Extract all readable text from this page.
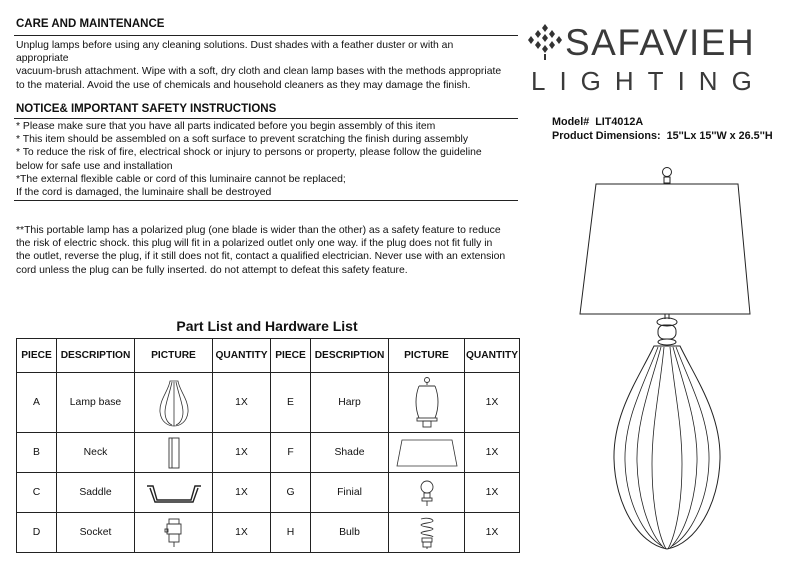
CARE AND MAINTENANCE
Unplug lamps before using any cleaning solutions. Dust shades with a feather duster or with an
appropriate
vacuum-brush attachment. Wipe with a soft, dry cloth and clean lamp bases with the methods appropriate
to the material. Avoid the use of chemicals and household cleaners as they may damage the finish.
NOTICE& IMPORTANT SAFETY INSTRUCTIONS
* Please make sure that you have all parts indicated before you begin assembly of this item
* This item should be assembled on a soft surface to prevent scratching the finish during assembly
* To reduce the risk of fire, electrical shock or injury to persons or property, please follow the guideline
below for safe use and installation
*The external flexible cable or cord of this luminaire cannot be replaced;
If the cord is damaged, the luminaire shall be destroyed
**This portable lamp has a polarized plug (one blade is wider than the other) as a safety feature to reduce
the risk of electric shock. this plug will fit in a polarized outlet only one way. if the plug does not fit fully in
the outlet, reverse the plug, if it still does not fit, contact a qualified electrician. Never use with an extension
cord unless the plug can be fully inserted. do not attempt to defeat this safety feature.
SAFAVIEH
LIGHTING
Model# LIT4012A
Product Dimensions: 15''Lx 15''W x 26.5''H
Part List and Hardware List
PIECE	DESCRIPTION	PICTURE	QUANTITY	PIECE	DESCRIPTION	PICTURE	QUANTITY
A	Lamp base		1X	E	Harp		1X
B	Neck		1X	F	Shade		1X
C	Saddle		1X	G	Finial		1X
D	Socket		1X	H	Bulb		1X
